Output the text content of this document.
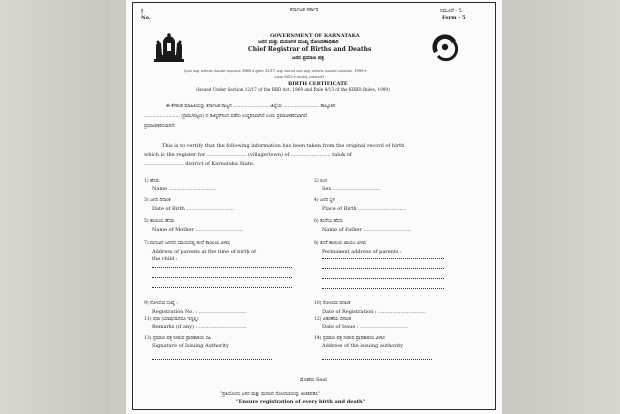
ಕ್ರ
No.
ನಮೂನೆ - 5
Form - 5
ಕರ್ನಾಟಕ ಸರ್ಕಾರ
GOVERNMENT OF KARNATAKA
ಜನನ ಮತ್ತು ಮರಣಗಳ ಮುಖ್ಯ ನೋಂದಣಾಧಿಕಾರಿ
Chief Registrar of Births and Deaths
ಜನನ ಪ್ರಮಾಣ ಪತ್ರ
(ಜನನ ಮತ್ತು ಮರಣಗಳ ನೋಂದಣಿ ಅಧಿನಿಯಮ 1969 ರ ಪ್ರಕರಣ 12/17 ಮತ್ತು ಕರ್ನಾಟಕ ಜನನ ಮತ್ತು ಮರಣಗಳ ನೋಂದಣಿ ನಿಯಮಗಳು, 1999 ರ
ನಿಯಮ 8/13 ರ ಅಡಿಯಲ್ಲಿ ನೀಡಲಾಗಿದೆ)
BIRTH CERTIFICATE
(Issued Under Section 12/17 of the RBD Act, 1969 and Rule 8/13 of the KRBD Rules, 1999)
ಈ ಕೆಳಕಂಡ ಮಾಹಿತಿಯನ್ನು ಕರ್ನಾಟಕ ರಾಜ್ಯದ ......................... ಜಿಲ್ಲೆಯ ......................... ತಾಲ್ಲೂಕಿನ
......................... (ಗ್ರಾಮ/ಪಟ್ಟಣ) ದ ರಿಜಿಸ್ಟರ್‌ನಿಂದ ಪಡೆದು ಉದ್ಧರಿಸಲಾಗಿದೆ ಎಂದು ಪ್ರಮಾಣೀಕರಿಸಲಾಗಿದೆ
ಪ್ರಮಾಣೀಕರಿಸಲಾಗಿದೆ.
This is to certify that the following information has been taken from the original record of birth
which is the register for ......................... (village/town) of ......................... taluk of
......................... district of Karnataka State.
1) ಹೆಸರು
Name ..............................
2) ಲಿಂಗ
Sex ..............................
3) ಜನನ ದಿನಾಂಕ
Date of Birth ..............................
4) ಜನನ ಸ್ಥಳ
Place of Birth ..............................
5) ತಾಯಿಯ ಹೆಸರು
Name of Mother ..............................
6) ತಂದೆಯ ಹೆಸರು
Name of Father ..............................
7) ಮಗುವಿನ ಜನನದ ಸಮಯದಲ್ಲಿ ತಂದೆ ತಾಯಿಯ ವಿಳಾಸ
Address of parents at the time of birth of
the child :
8) ತಂದೆ ತಾಯಿಯ ಖಾಯಂ ವಿಳಾಸ
Permanent address of parents :
9) ನೋಂದಣಿ ಸಂಖ್ಯೆ :
Registration No. : ..............................
10) ನೋಂದಣಿ ದಿನಾಂಕ
Date of Registration : ..............................
11) ಷರಾ (ಯಾವುದಾದರೂ ಇದ್ದಲ್ಲಿ)
Remarks (if any) : ..............................
12) ವಿತರಣೆಯ ದಿನಾಂಕ
Date of Issue : ..............................
13) ಪ್ರಮಾಣ ಪತ್ರ ನೀಡುವ ಪ್ರಾಧಿಕಾರಿಯ ಸಹಿ
Signature of Issuing Authority
14) ಪ್ರಮಾಣ ಪತ್ರ ನೀಡುವ ಪ್ರಾಧಿಕಾರಿಯ ವಿಳಾಸ
Address of the issuing authority
ಮೊಹರು Seal
"ಪ್ರತಿಯೊಂದು ಜನನ ಮತ್ತು ಮರಣದ ನೋಂದಣಿಯನ್ನು ಖಚಿತಪಡಿಸಿ"
"Ensure registration of every birth and death"
